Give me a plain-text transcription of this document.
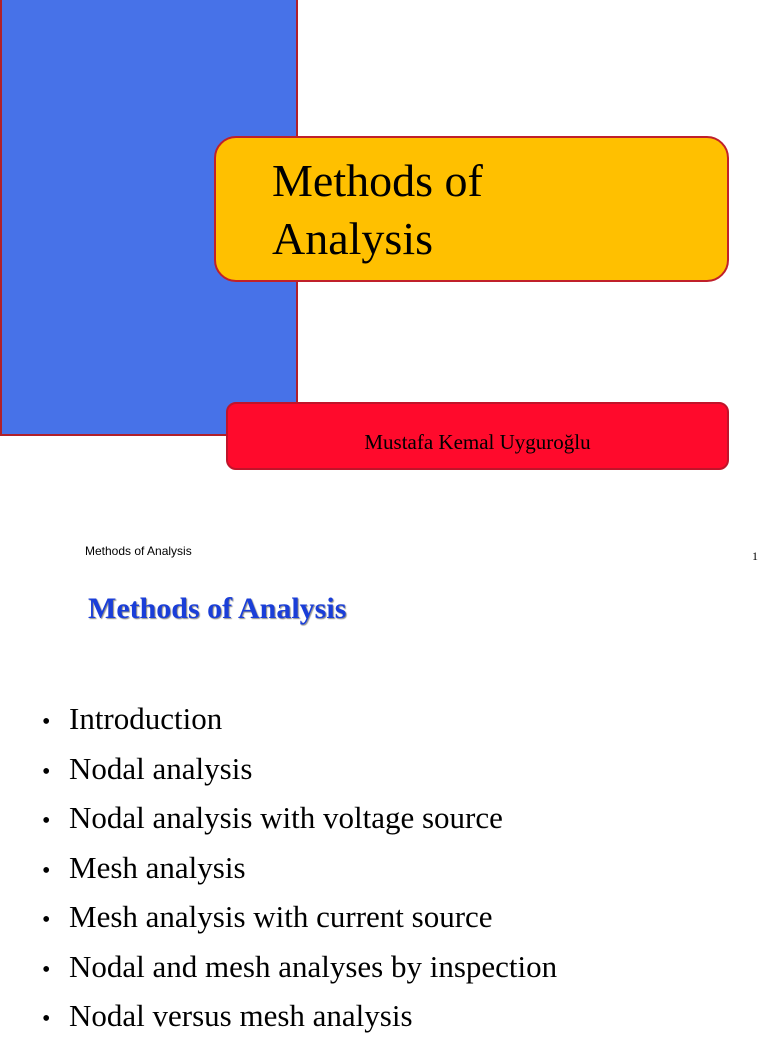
Methods of
Analysis
Mustafa Kemal Uyguroğlu
Methods of Analysis	1
Methods of Analysis
• Introduction
• Nodal analysis
• Nodal analysis with voltage source
• Mesh analysis
• Mesh analysis with current source
• Nodal and mesh analyses by inspection
• Nodal versus mesh analysis
